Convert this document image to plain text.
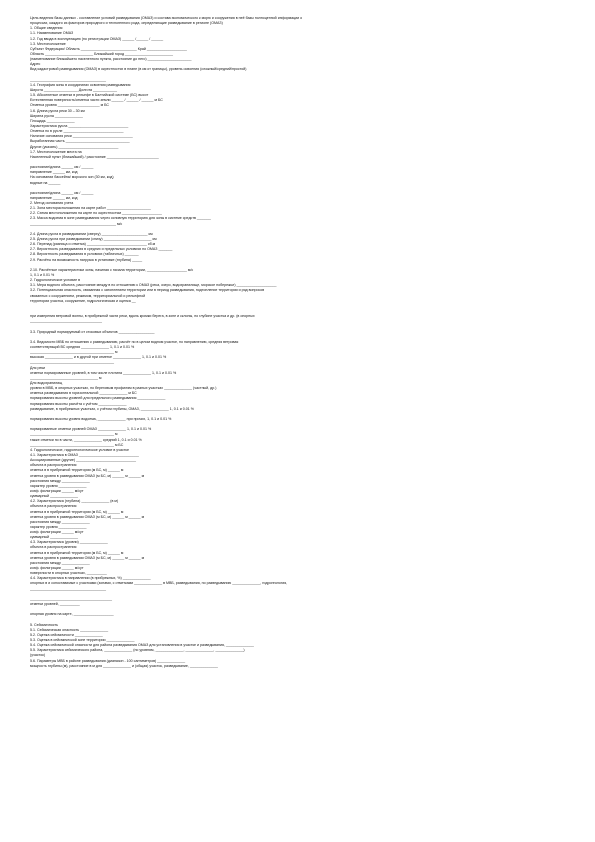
Цель ведения базы данных - составление условий разведывания (ОМАЗ) и состава экономического к морю и сооружения в неё базы полноценной информации о
процессах, каждого из факторов природного и техногенного рода, определяющие разведывание в регионе (ОМАЗ)
1. Общие сведения
1.1. Наименование ОМАЗ
1.2. Год ввода в эксплуатацию (по регистрации ОМАЗ) ______ /______ / ______
1.3. Местоположение
Субъект Федерации/ Область ____________________________ Край ____________________
Область ________________________ Ближайший город ________________________
(наименование ближайшего населенного пункта, расстояние до него) ______________________
Адрес
Вид кадастровой разведывания (ОМАЗ) в окрестностях в плане (в км от границы), уровень освоения (сложный/средний/простой)
______________________________________
1.4. География зоны в координатах освоения разведывания
Широта _________________ Долгота ____________
1.5. Абсолютные отметки в рельефе в Балтийской системе (БС) высот
Естественная поверхность/отметка части земли ______ / ______ / ______ м БС
Отметка уровня _____________________ м БС
1.6. Длина русла реки 30 – 30 км
Ширина русла ______________
Площадь ______________
Характеристика русла ______________________________
Отметка по в русле ______________________________
Наличие основания реки ______________________________
Выработанная часть ________________________________
Другие (указать) ______________________________
1.7. Местоположение места на
Населенный пункт (ближайший) / расстояние __________________________
расстояние/длина ______ км / ______
направление ______ км, код
На основании бассейна/ морского зон (30 км, код)
водные на ______
расстояние/длина ______ км / ______
направление ______ км, код
2. Метод основания учета
2.1. Зона месторасположения на карте работ ______________________
2.2. Схема местоположения на карте по окрестностям ____________________
2.3. Масса водоема в зоне разведывания через основную территорию для зоны в системе средств _______
___________________________________________ м/с
2.4. Длина русла в разведывании (сверху) _______________________ км
2.5. Длина русла при разведывании (снизу) ________________________ км
2.6. Перепад (разница и отметка) ______________________________ сб.м
2.7. Вероятность разведывания в средних и предельных условиях по ОМАЗ _______
2.8. Вероятность разведывания в условиях (табличных) _______
2.9. Расчёты на возможность нагрузок в установке (глубина) _____
2.10. Расчётные характеристики зоны, начиная с начала территории, ____________________ м/с
1, 0.1 и 0.01 %
2. Гидрологическое условие в
3.1. Мера водного объекта, расстояние между в по отношению к ОМАЗ (река, озеро, водохранилище, морское побережье) ____________________
3.2. Потенциальная опасность, связанная с затоплением территории или в период разведывания, подтопление территории и ряд вопросов
связанных с сооружением, режимом, территориальной и рельефной
территории участка, сооружение, гидрологическая и оценка __
при измерения ветровой волны, в прибрежной части реки, вдоль кромки берега, в зоне и склоны, по глубине участка и др. (в опорных
____________________________________
3.3. Природный нормируемый от стоковых объектов __________________
3.4. Ведомости МВБ по отношению к разведыванию, расчёт по в целом водном участке, по направлению, средняя ветровая
соответствующий ВС средняя ______________ 1, 0.1 и 0.01 %
__________________________________________ м
высокая ______________ и в другой при отметке ______________ 1, 0.1 и 0.01 %
__________________________________________
Для реки
отметки нормированные уровней, в том числе плотина ______________ 1, 0.1 и 0.01 %
__________________________________ м
Для водохранилищ
уровни в МВБ, в опорных участках, по береговым профилям в разных участках ______________ (частный, др.)
отметка разведывания в горизонтальной ______________ м БС
нормирования высоты уровней для предельного разведывания ______________
нормирования высоты расчёта с учётом ______________
разведывание, в прибрежных участках, с учётом глубины, ОМАЗ, ______________ 1, 0.1 и 0.01 %
нормирования высоты уровня водоема, ______________ при прочих, 1, 0.1 и 0.01 %
нормированные отметки уровней ОМАЗ ______________ 1, 0.1 и 0.01 %
__________________________________________ м
также отметки по в части, ______________ средний 1, 0.1 и 0.01 %
__________________________________________ м БС
4. Гидрологическое, гидрогеологическое условие в участке
4.1. Характеристика в ОМАЗ ______________________________
Ассоциированные (другие) ______________________________
объекта в распространения
отметка в в прибрежной территории (м БС, м) ______ м
отметка уровня в разведывании ОМАЗ (м БС, м) ______ м ______ м
расстояния между ______________
характер уровня ______________
коэф. фильтрации ______ м/сут
суммарный ______________
4.2. Характеристика (глубина) ______________ (в м)
объекта в распространения
отметка в в прибрежной территории (м БС, м) ______ м
отметка уровня в разведывании ОМАЗ (м БС, м) ______ м ______ м
расстояния между ______________
характер уровня ______________
коэф. фильтрации ______ м/сут
суммарный ______________
4.3. Характеристика (уровни) ______________
объекта в распространения
отметка в в прибрежной территории (м БС, м) ______ м
отметка уровня в разведывании ОМАЗ (м БС, м) ______ м ______ м
расстояния между ______________
коэф. фильтрации ______ м/сут
поверхности в опорных участках, __________
4.4. Характеристика в направлении (в прибрежных, %) ______________
опорных в и сопоставимые с участками (зонами, с отметками ______________ в МВБ, разведывания, по разведыванию ______________, гидрогеология,
______________________________________
_________________________________________
отметки уровней, __________
опорная уровня на карте, ____________________
5. Сейсмичность
5.1. Сейсмическая опасность ______________
5.2. Оценка сейсмичности ______________
5.3. Оценка в сейсмической зоне территории ______________
5.4. Оценка сейсмической опасности для района разведывания ОМАЗ для установления в участке и разведывания, ______________
5.5. Характеристика сейсмического района, ______________ (по уровням, ______________, ______________, ______________)
(участок)
5.6. Параметры МВБ в районе разведывания (диапазон - 100 сантиметров) ______________
мощность глубины (м), расстояние в м для ______________ и (общая) участок, разведывание, ______________
